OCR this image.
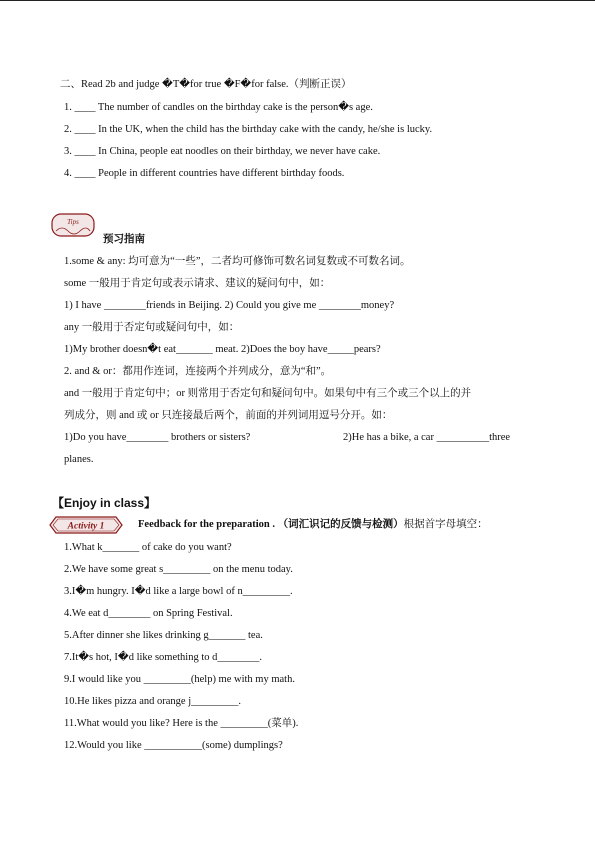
二、Read 2b and judge �T�for true �F�for false.（判断正误）
1. ____ The number of candles on the birthday cake is the person�s age.
2. ____ In the UK, when the child has the birthday cake with the candy, he/she is lucky.
3. ____ In China, people eat noodles on their birthday, we never have cake.
4. ____ People in different countries have different birthday foods.
Tips
预习指南
1.some & any: 均可意为“一些”，二者均可修饰可数名词复数或不可数名词。
some 一般用于肯定句或表示请求、建议的疑问句中，如：
1) I have ________friends in Beijing. 2) Could you give me ________money?
any 一般用于否定句或疑问句中，如：
1)My brother doesn�t eat_______ meat. 2)Does the boy have_____pears?
2. and & or：都用作连词，连接两个并列成分，意为“和”。
and 一般用于肯定句中；or 则常用于否定句和疑问句中。如果句中有三个或三个以上的并
列成分，则 and 或 or 只连接最后两个，前面的并列词用逗号分开。如：
1)Do you have________ brothers or sisters?	2)He has a bike, a car __________three
planes.
【Enjoy in class】
Activity 1	Feedback for the preparation . （词汇识记的反馈与检测）根据首字母填空：
1.What k_______ of cake do you want?
2.We have some great s_________ on the menu today.
3.I�m hungry. I�d like a large bowl of n_________.
4.We eat d________ on Spring Festival.
5.After dinner she likes drinking g_______ tea.
7.It�s hot, I�d like something to d________.
9.I would like you _________(help) me with my math.
10.He likes pizza and orange j_________.
11.What would you like? Here is the _________(菜单).
12.Would you like ___________(some) dumplings?
